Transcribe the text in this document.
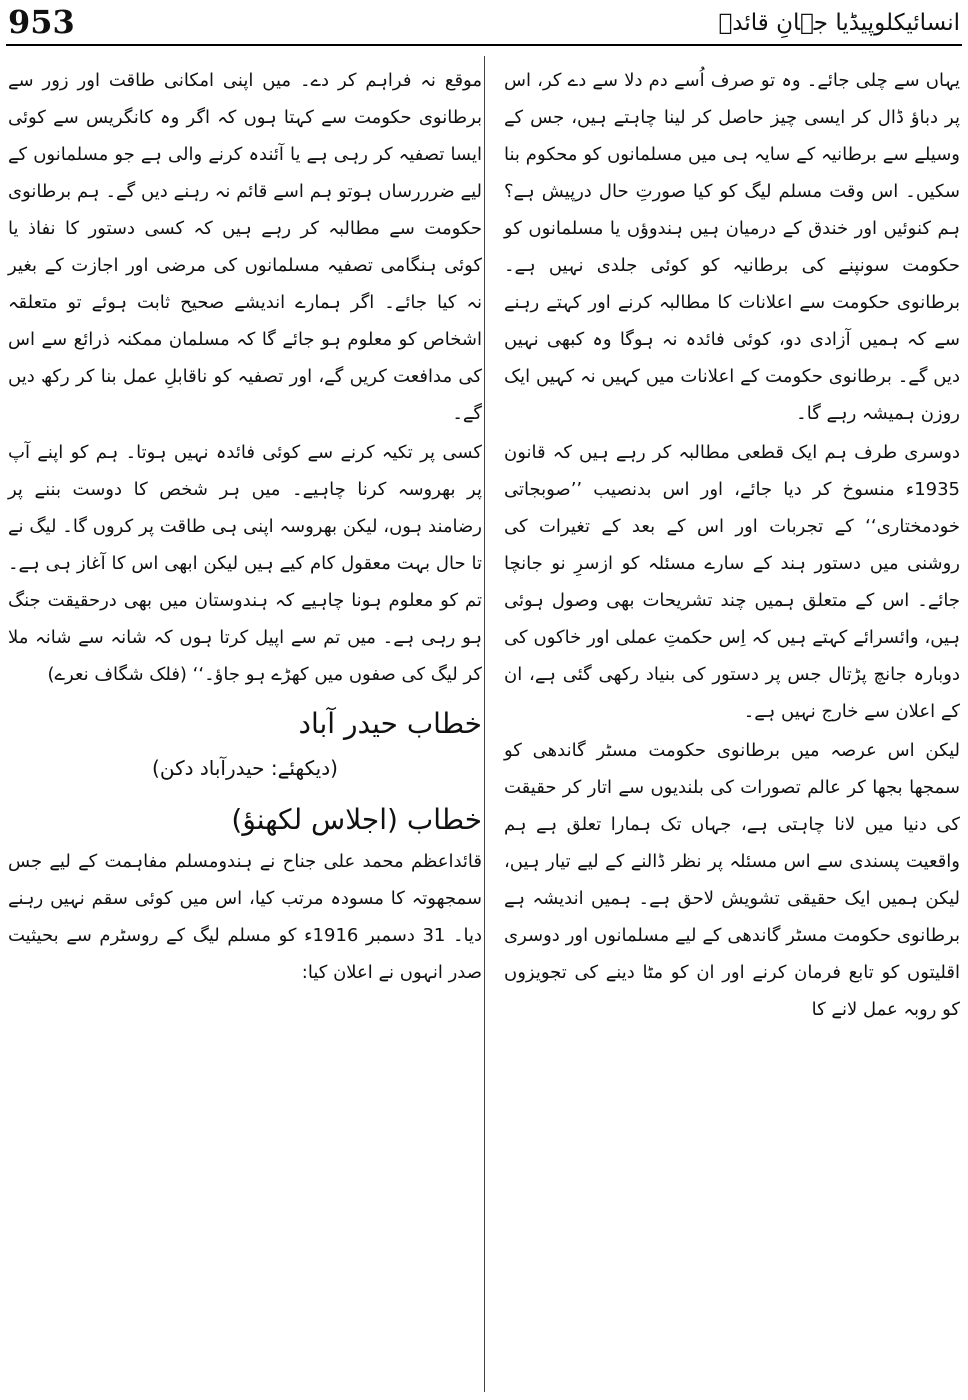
953	انسائیکلوپیڈیا جہانِ قائدؒ

یہاں سے چلی جائے۔ وہ تو صرف اُسے دم دلا سے دے کر، اس پر دباؤ ڈال کر ایسی چیز حاصل کر لینا چاہتے ہیں، جس کے وسیلے سے برطانیہ کے سایہ ہی میں مسلمانوں کو محکوم بنا سکیں۔ اس وقت مسلم لیگ کو کیا صورتِ حال درپیش ہے؟ ہم کنوئیں اور خندق کے درمیان ہیں ہندوؤں یا مسلمانوں کو حکومت سونپنے کی برطانیہ کو کوئی جلدی نہیں ہے۔ برطانوی حکومت سے اعلانات کا مطالبہ کرنے اور کہتے رہنے سے کہ ہمیں آزادی دو، کوئی فائدہ نہ ہوگا وہ کبھی نہیں دیں گے۔ برطانوی حکومت کے اعلانات میں کہیں نہ کہیں ایک روزن ہمیشہ رہے گا۔

دوسری طرف ہم ایک قطعی مطالبہ کر رہے ہیں کہ قانون 1935ء منسوخ کر دیا جائے، اور اس بدنصیب ’’صوبجاتی خودمختاری‘‘ کے تجربات اور اس کے بعد کے تغیرات کی روشنی میں دستور ہند کے سارے مسئلہ کو ازسرِ نو جانچا جائے۔ اس کے متعلق ہمیں چند تشریحات بھی وصول ہوئی ہیں، وائسرائے کہتے ہیں کہ اِس حکمتِ عملی اور خاکوں کی دوبارہ جانچ پڑتال جس پر دستور کی بنیاد رکھی گئی ہے، ان کے اعلان سے خارج نہیں ہے۔

لیکن اس عرصہ میں برطانوی حکومت مسٹر گاندھی کو سمجھا بجھا کر عالم تصورات کی بلندیوں سے اتار کر حقیقت کی دنیا میں لانا چاہتی ہے، جہاں تک ہمارا تعلق ہے ہم واقعیت پسندی سے اس مسئلہ پر نظر ڈالنے کے لیے تیار ہیں، لیکن ہمیں ایک حقیقی تشویش لاحق ہے۔ ہمیں اندیشہ ہے برطانوی حکومت مسٹر گاندھی کے لیے مسلمانوں اور دوسری اقلیتوں کو تابع فرمان کرنے اور ان کو مٹا دینے کی تجویزوں کو روبہ عمل لانے کا

موقع نہ فراہم کر دے۔ میں اپنی امکانی طاقت اور زور سے برطانوی حکومت سے کہتا ہوں کہ اگر وہ کانگریس سے کوئی ایسا تصفیہ کر رہی ہے یا آئندہ کرنے والی ہے جو مسلمانوں کے لیے ضرررساں ہوتو ہم اسے قائم نہ رہنے دیں گے۔ ہم برطانوی حکومت سے مطالبہ کر رہے ہیں کہ کسی دستور کا نفاذ یا کوئی ہنگامی تصفیہ مسلمانوں کی مرضی اور اجازت کے بغیر نہ کیا جائے۔ اگر ہمارے اندیشے صحیح ثابت ہوئے تو متعلقہ اشخاص کو معلوم ہو جائے گا کہ مسلمان ممکنہ ذرائع سے اس کی مدافعت کریں گے، اور تصفیہ کو ناقابلِ عمل بنا کر رکھ دیں گے۔

کسی پر تکیہ کرنے سے کوئی فائدہ نہیں ہوتا۔ ہم کو اپنے آپ پر بھروسہ کرنا چاہیے۔ میں ہر شخص کا دوست بننے پر رضامند ہوں، لیکن بھروسہ اپنی ہی طاقت پر کروں گا۔ لیگ نے تا حال بہت معقول کام کیے ہیں لیکن ابھی اس کا آغاز ہی ہے۔ تم کو معلوم ہونا چاہیے کہ ہندوستان میں بھی درحقیقت جنگ ہو رہی ہے۔ میں تم سے اپیل کرتا ہوں کہ شانہ سے شانہ ملا کر لیگ کی صفوں میں کھڑے ہو جاؤ۔‘‘ (فلک شگاف نعرے)

خطاب حیدر آباد

(دیکھئے: حیدرآباد دکن)

خطاب (اجلاس لکھنؤ)

قائداعظم محمد علی جناح نے ہندومسلم مفاہمت کے لیے جس سمجھوتہ کا مسودہ مرتب کیا، اس میں کوئی سقم نہیں رہنے دیا۔ 31 دسمبر 1916ء کو مسلم لیگ کے روسٹرم سے بحیثیت صدر انہوں نے اعلان کیا:
